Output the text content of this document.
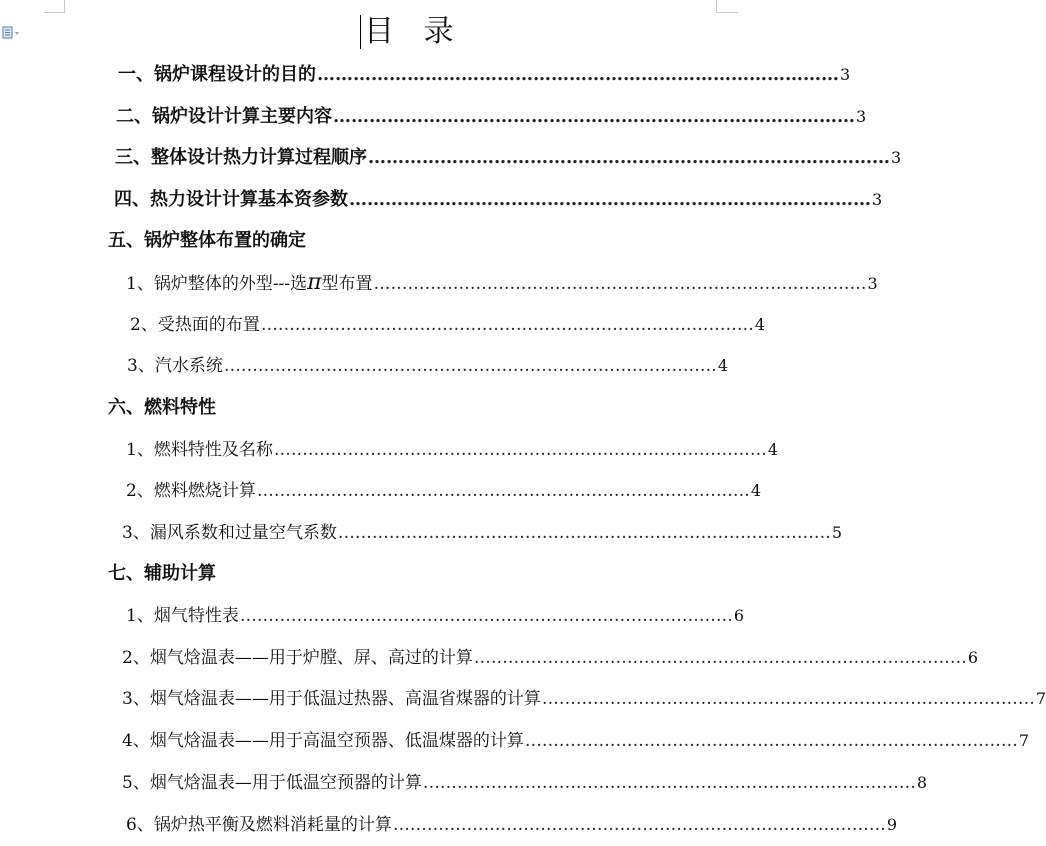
目 录
一、锅炉课程设计的目的 …………………………………………………………………………… 3
二、锅炉设计计算主要内容 …………………………………………………………………………… 3
三、整体设计热力计算过程顺序 …………………………………………………………………………… 3
四、热力设计计算基本资参数 …………………………………………………………………………… 3
五、锅炉整体布置的确定
1、锅炉整体的外型---选π型布置 …………………………………………………………………………… 3
2、受热面的布置 …………………………………………………………………………… 4
3、汽水系统 …………………………………………………………………………… 4
六、燃料特性
1、燃料特性及名称 …………………………………………………………………………… 4
2、燃料燃烧计算 …………………………………………………………………………… 4
3、漏风系数和过量空气系数 …………………………………………………………………………… 5
七、辅助计算
1、烟气特性表 …………………………………………………………………………… 6
2、烟气焓温表——用于炉膛、屏、高过的计算 …………………………………………………………………………… 6
3、烟气焓温表——用于低温过热器、高温省煤器的计算 …………………………………………………………………………… 7
4、烟气焓温表——用于高温空预器、低温煤器的计算 …………………………………………………………………………… 7
5、烟气焓温表—用于低温空预器的计算 …………………………………………………………………………… 8
6、锅炉热平衡及燃料消耗量的计算 …………………………………………………………………………… 9
